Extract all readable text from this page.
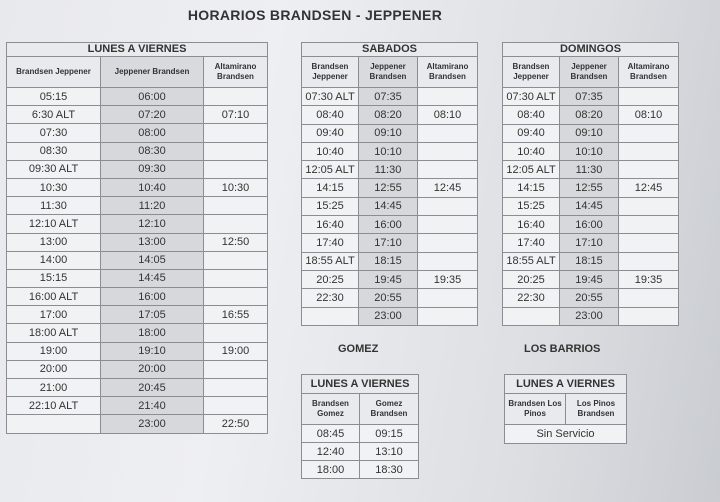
HORARIOS BRANDSEN - JEPPENER
LUNES A VIERNES		
Brandsen Jeppener	Jeppener Brandsen	Altamirano Brandsen
05:15	06:00	
6:30 ALT	07:20	07:10
07:30	08:00	
08:30	08:30	
09:30 ALT	09:30	
10:30	10:40	10:30
11:30	11:20	
12:10 ALT	12:10	
13:00	13:00	12:50
14:00	14:05	
15:15	14:45	
16:00 ALT	16:00	
17:00	17:05	16:55
18:00 ALT	18:00	
19:00	19:10	19:00
20:00	20:00	
21:00	20:45	
22:10 ALT	21:40	
	23:00	22:50
SABADOS		
Brandsen Jeppener	Jeppener Brandsen	Altamirano Brandsen
07:30 ALT	07:35	
08:40	08:20	08:10
09:40	09:10	
10:40	10:10	
12:05 ALT	11:30	
14:15	12:55	12:45
15:25	14:45	
16:40	16:00	
17:40	17:10	
18:55 ALT	18:15	
20:25	19:45	19:35
22:30	20:55	
	23:00	
DOMINGOS		
Brandsen Jeppener	Jeppener Brandsen	Altamirano Brandsen
07:30 ALT	07:35	
08:40	08:20	08:10
09:40	09:10	
10:40	10:10	
12:05 ALT	11:30	
14:15	12:55	12:45
15:25	14:45	
16:40	16:00	
17:40	17:10	
18:55 ALT	18:15	
20:25	19:45	19:35
22:30	20:55	
	23:00	
GOMEZ
LUNES A VIERNES	
Brandsen Gomez	Gomez Brandsen
08:45	09:15
12:40	13:10
18:00	18:30
LOS BARRIOS
LUNES A VIERNES
Brandsen Los Pinos	Los Pinos Brandsen
Sin Servicio
